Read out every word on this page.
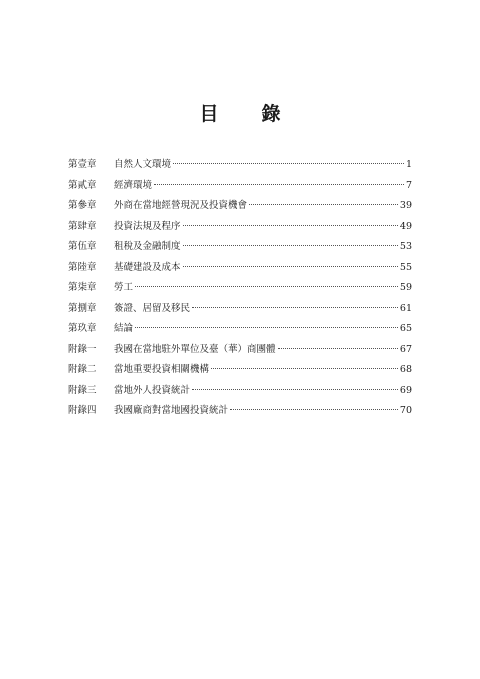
目　錄
第壹章	自然人文環境	1
第貳章	經濟環境	7
第參章	外商在當地經營現況及投資機會	39
第肆章	投資法規及程序	49
第伍章	租稅及金融制度	53
第陸章	基礎建設及成本	55
第柒章	勞工	59
第捌章	簽證、居留及移民	61
第玖章	結論	65
附錄一	我國在當地駐外單位及臺（華）商團體	67
附錄二	當地重要投資相關機構	68
附錄三	當地外人投資統計	69
附錄四	我國廠商對當地國投資統計	70
